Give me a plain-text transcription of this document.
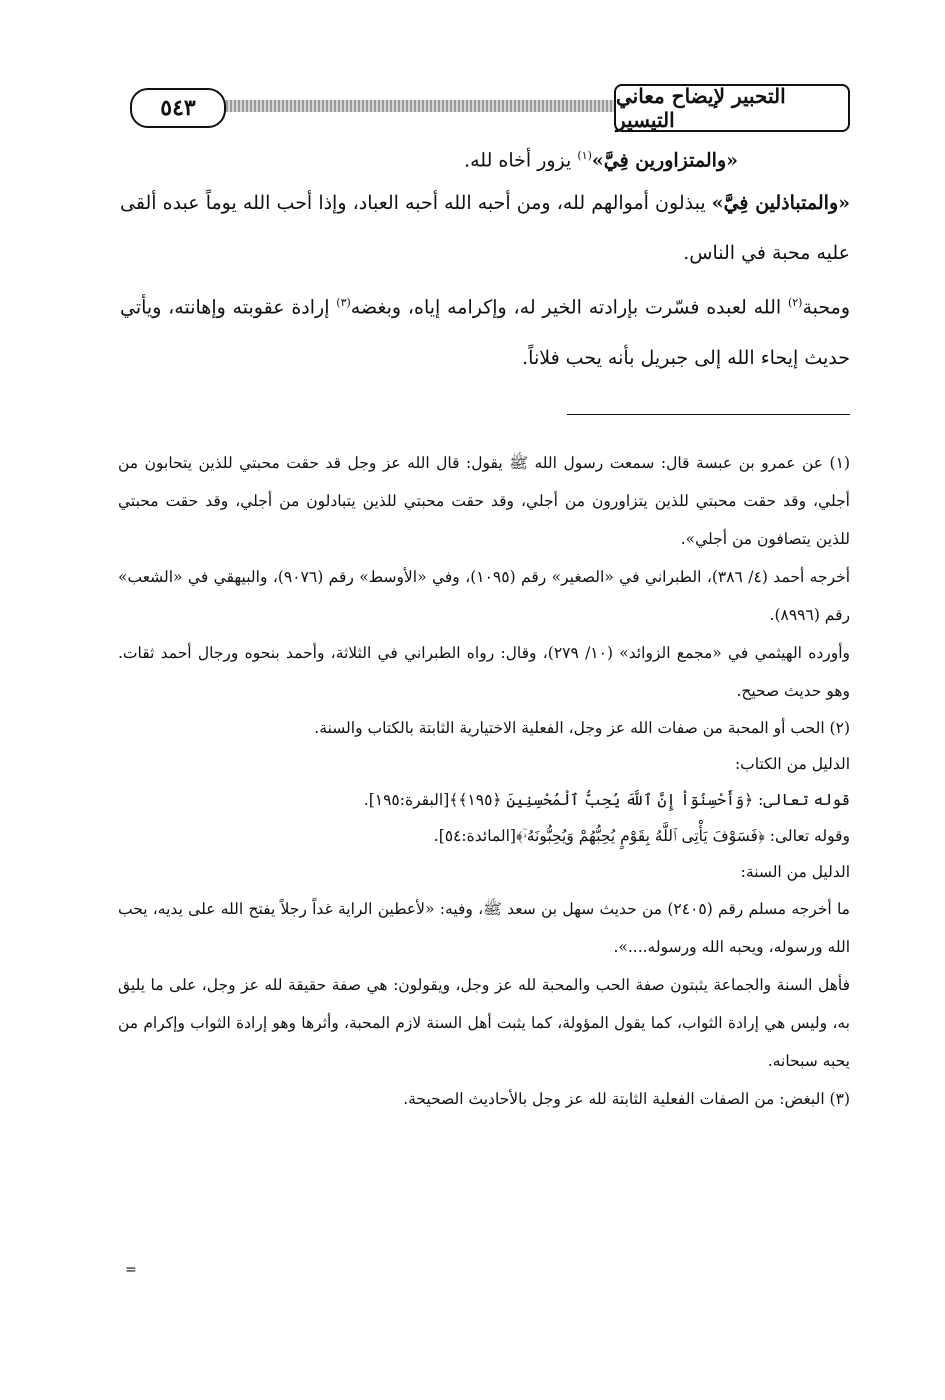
٥٤٣	التحبير لإيضاح معاني التيسير

«والمتزاورين فِيَّ»$^{(١)}$ يزور أخاه لله.

«والمتباذلين فِيَّ» يبذلون أموالهم لله، ومن أحبه الله أحبه العباد، وإذا أحب الله يوماً عبده ألقى عليه محبة في الناس.

ومحبة$^{(٢)}$ الله لعبده فسّرت بإرادته الخير له، وإكرامه إياه، وبغضه$^{(٣)}$ إرادة عقوبته وإهانته، ويأتي حديث إيحاء الله إلى جبريل بأنه يحب فلاناً.

(١) عن عمرو بن عبسة قال: سمعت رسول الله ﷺ يقول: قال الله عز وجل قد حقت محبتي للذين يتحابون من أجلي، وقد حقت محبتي للذين يتزاورون من أجلي، وقد حقت محبتي للذين يتبادلون من أجلي، وقد حقت محبتي للذين يتصافون من أجلي».

أخرجه أحمد (٤/ ٣٨٦)، الطبراني في «الصغير» رقم (١٠٩٥)، وفي «الأوسط» رقم (٩٠٧٦)، والبيهقي في «الشعب» رقم (٨٩٩٦).

وأورده الهيثمي في «مجمع الزوائد» (١٠/ ٢٧٩)، وقال: رواه الطبراني في الثلاثة، وأحمد بنحوه ورجال أحمد ثقات. وهو حديث صحيح.

(٢) الحب أو المحبة من صفات الله عز وجل، الفعلية الاختيارية الثابتة بالكتاب والسنة.

الدليل من الكتاب:

قوله تعالى: ﴿وَأَحْسِنُوٓاْ إِنَّ ٱللَّهَ يُحِبُّ ٱلْمُحْسِنِينَ ﴿١٩٥﴾﴾[البقرة:١٩٥].

وقوله تعالى: ﴿فَسَوْفَ يَأْتِى ٱللَّهُ بِقَوْمٍ يُحِبُّهُمْ وَيُحِبُّونَهُۥٓ﴾[المائدة:٥٤].

الدليل من السنة:

ما أخرجه مسلم رقم (٢٤٠٥) من حديث سهل بن سعد ﷺ، وفيه: «لأعطين الراية غداً رجلاً يفتح الله على يديه، يحب الله ورسوله، ويحبه الله ورسوله....».

فأهل السنة والجماعة يثبتون صفة الحب والمحبة لله عز وجل، ويقولون: هي صفة حقيقة لله عز وجل، على ما يليق به، وليس هي إرادة الثواب، كما يقول المؤولة، كما يثبت أهل السنة لازم المحبة، وأثرها وهو إرادة الثواب وإكرام من يحبه سبحانه.

(٣) البغض: من الصفات الفعلية الثابتة لله عز وجل بالأحاديث الصحيحة.

=
